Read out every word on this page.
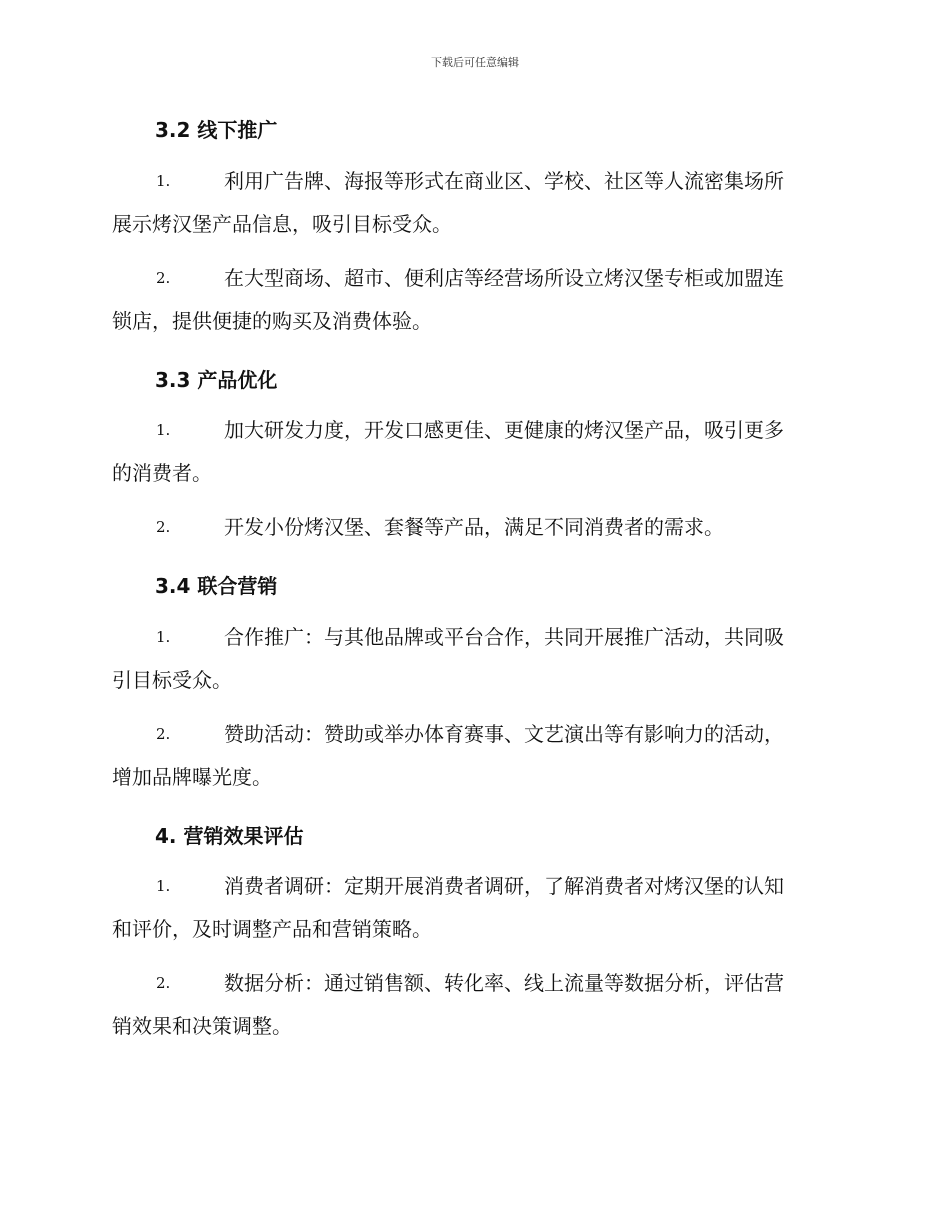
下载后可任意编辑
3.2 线下推广
1.	利用广告牌、海报等形式在商业区、学校、社区等人流密集场所
展示烤汉堡产品信息，吸引目标受众。
2.	在大型商场、超市、便利店等经营场所设立烤汉堡专柜或加盟连
锁店，提供便捷的购买及消费体验。
3.3 产品优化
1.	加大研发力度，开发口感更佳、更健康的烤汉堡产品，吸引更多
的消费者。
2.	开发小份烤汉堡、套餐等产品，满足不同消费者的需求。
3.4 联合营销
1.	合作推广：与其他品牌或平台合作，共同开展推广活动，共同吸
引目标受众。
2.	赞助活动：赞助或举办体育赛事、文艺演出等有影响力的活动，
增加品牌曝光度。
4. 营销效果评估
1.	消费者调研：定期开展消费者调研，了解消费者对烤汉堡的认知
和评价，及时调整产品和营销策略。
2.	数据分析：通过销售额、转化率、线上流量等数据分析，评估营
销效果和决策调整。
